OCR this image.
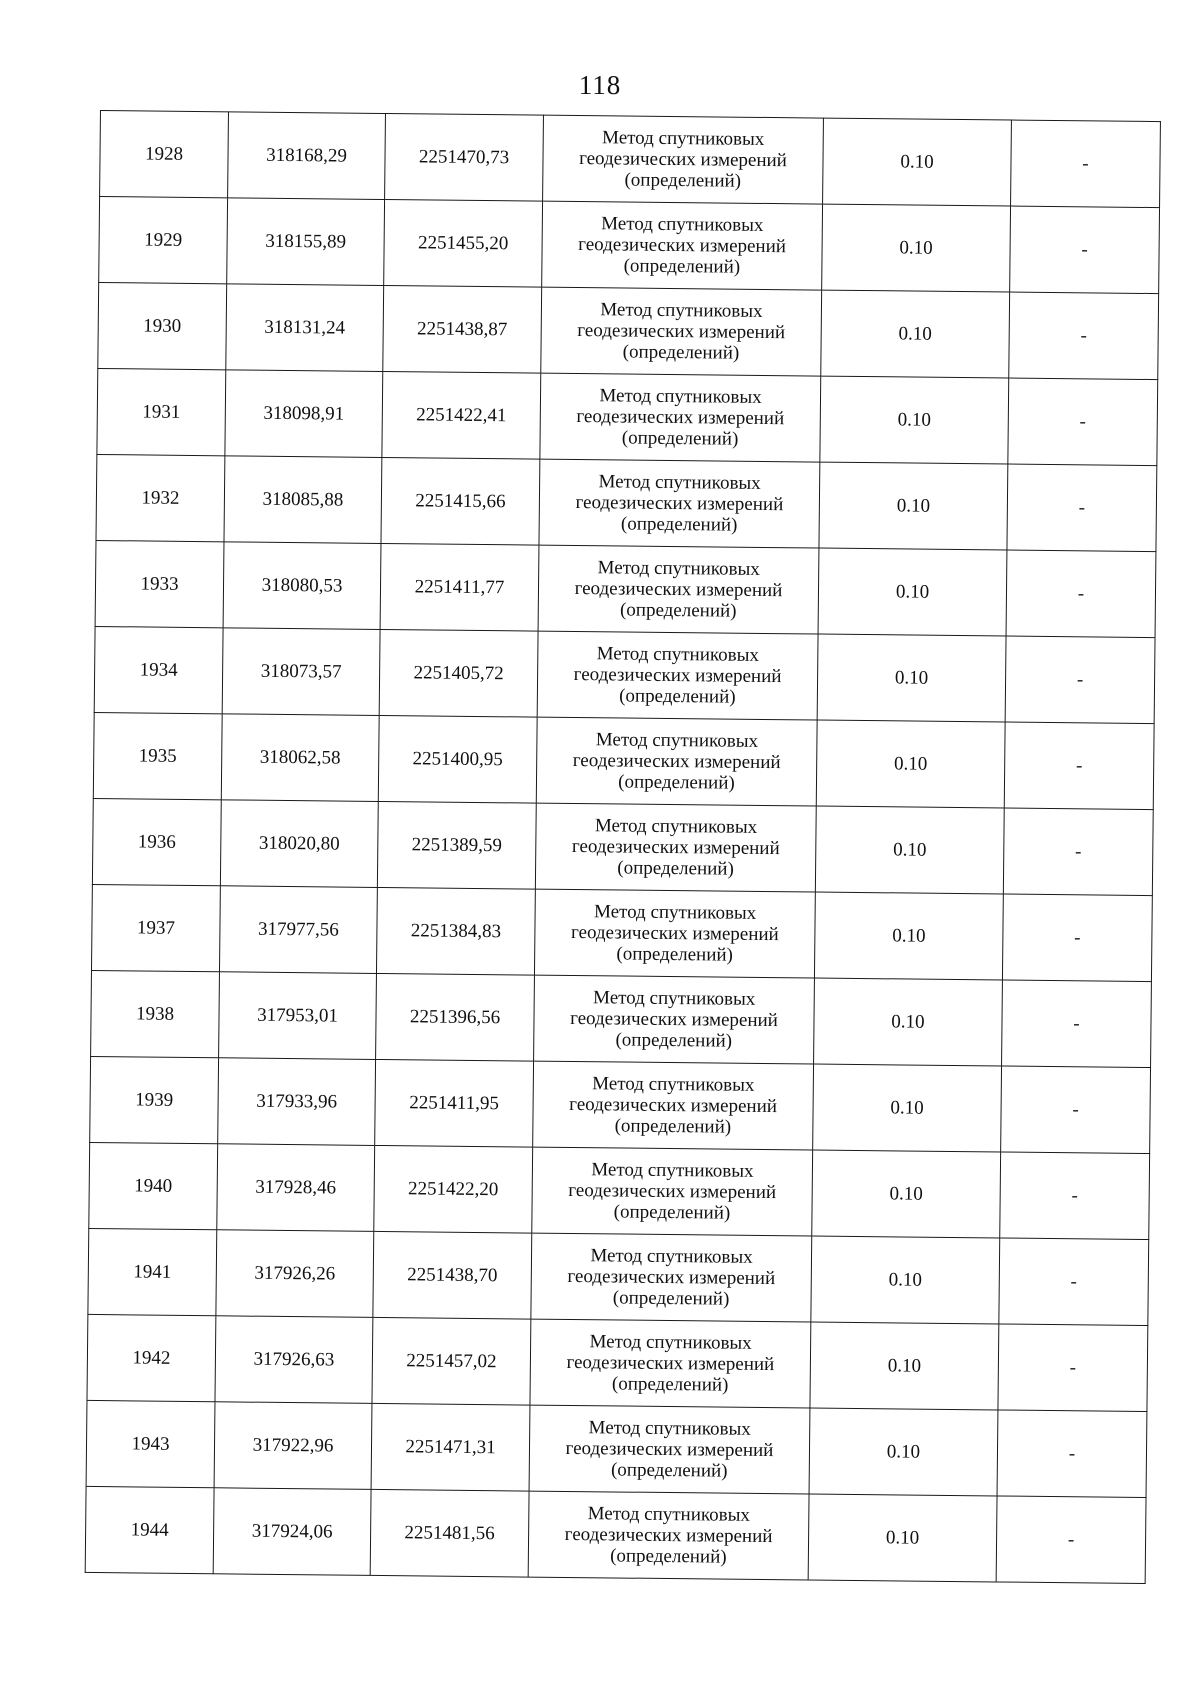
118
1928	318168,29	2251470,73	Метод спутниковых
геодезических измерений
(определений)	0.10	-
1929	318155,89	2251455,20	Метод спутниковых
геодезических измерений
(определений)	0.10	-
1930	318131,24	2251438,87	Метод спутниковых
геодезических измерений
(определений)	0.10	-
1931	318098,91	2251422,41	Метод спутниковых
геодезических измерений
(определений)	0.10	-
1932	318085,88	2251415,66	Метод спутниковых
геодезических измерений
(определений)	0.10	-
1933	318080,53	2251411,77	Метод спутниковых
геодезических измерений
(определений)	0.10	-
1934	318073,57	2251405,72	Метод спутниковых
геодезических измерений
(определений)	0.10	-
1935	318062,58	2251400,95	Метод спутниковых
геодезических измерений
(определений)	0.10	-
1936	318020,80	2251389,59	Метод спутниковых
геодезических измерений
(определений)	0.10	-
1937	317977,56	2251384,83	Метод спутниковых
геодезических измерений
(определений)	0.10	-
1938	317953,01	2251396,56	Метод спутниковых
геодезических измерений
(определений)	0.10	-
1939	317933,96	2251411,95	Метод спутниковых
геодезических измерений
(определений)	0.10	-
1940	317928,46	2251422,20	Метод спутниковых
геодезических измерений
(определений)	0.10	-
1941	317926,26	2251438,70	Метод спутниковых
геодезических измерений
(определений)	0.10	-
1942	317926,63	2251457,02	Метод спутниковых
геодезических измерений
(определений)	0.10	-
1943	317922,96	2251471,31	Метод спутниковых
геодезических измерений
(определений)	0.10	-
1944	317924,06	2251481,56	Метод спутниковых
геодезических измерений
(определений)	0.10	-
